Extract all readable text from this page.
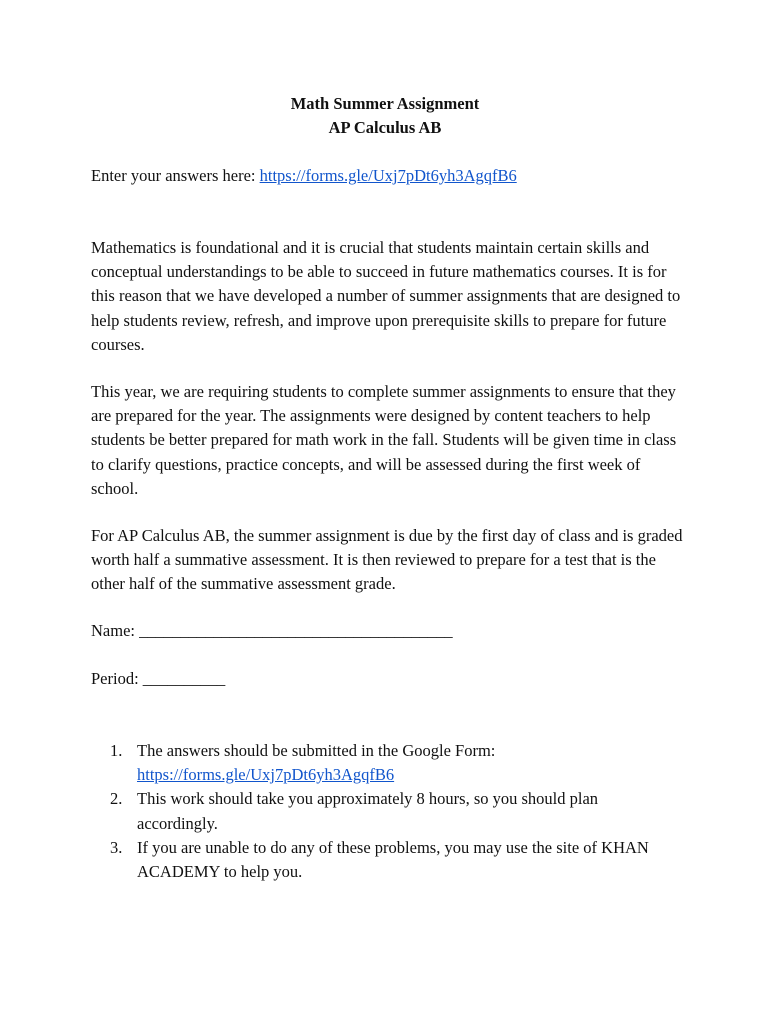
Math Summer Assignment
AP Calculus AB
Enter your answers here: https://forms.gle/Uxj7pDt6yh3AgqfB6
Mathematics is foundational and it is crucial that students maintain certain skills and conceptual understandings to be able to succeed in future mathematics courses. It is for this reason that we have developed a number of summer assignments that are designed to help students review, refresh, and improve upon prerequisite skills to prepare for future courses.
This year, we are requiring students to complete summer assignments to ensure that they are prepared for the year. The assignments were designed by content teachers to help students be better prepared for math work in the fall. Students will be given time in class to clarify questions, practice concepts, and will be assessed during the first week of school.
For AP Calculus AB, the summer assignment is due by the first day of class and is graded worth half a summative assessment. It is then reviewed to prepare for a test that is the other half of the summative assessment grade.
Name: ______________________________________
Period: __________
1. The answers should be submitted in the Google Form:
https://forms.gle/Uxj7pDt6yh3AgqfB6
2. This work should take you approximately 8 hours, so you should plan accordingly.
3. If you are unable to do any of these problems, you may use the site of KHAN ACADEMY to help you.
